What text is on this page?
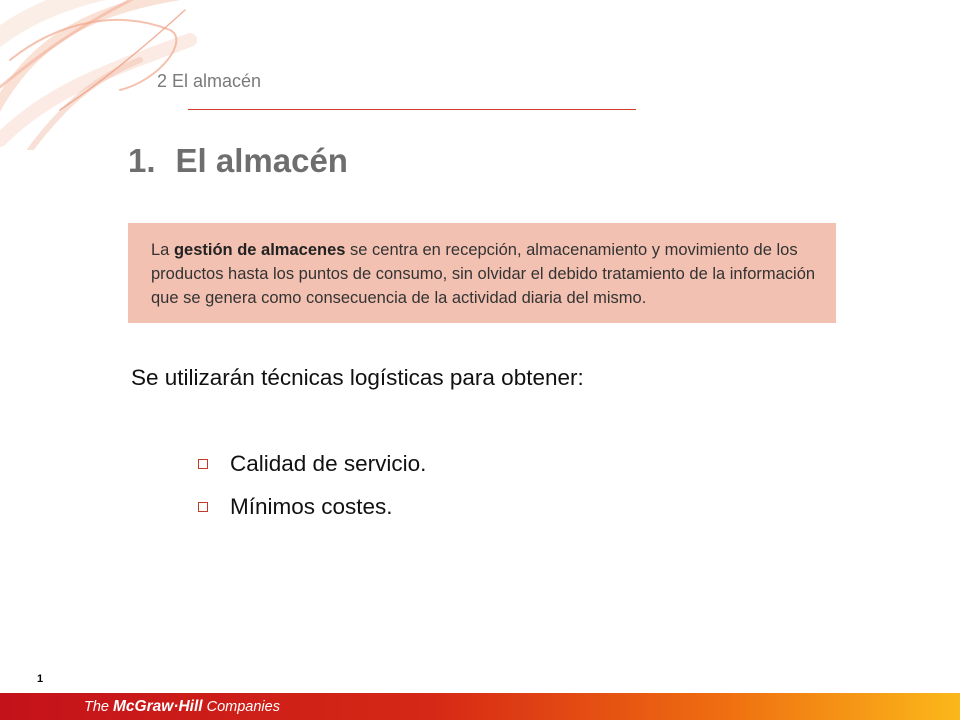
2 El almacén
1. El almacén
La gestión de almacenes se centra en recepción, almacenamiento y movimiento de los productos hasta los puntos de consumo, sin olvidar el debido tratamiento de la información que se genera como consecuencia de la actividad diaria del mismo.
Se utilizarán técnicas logísticas para obtener:
Calidad de servicio.
Mínimos costes.
1
The McGraw·Hill Companies
